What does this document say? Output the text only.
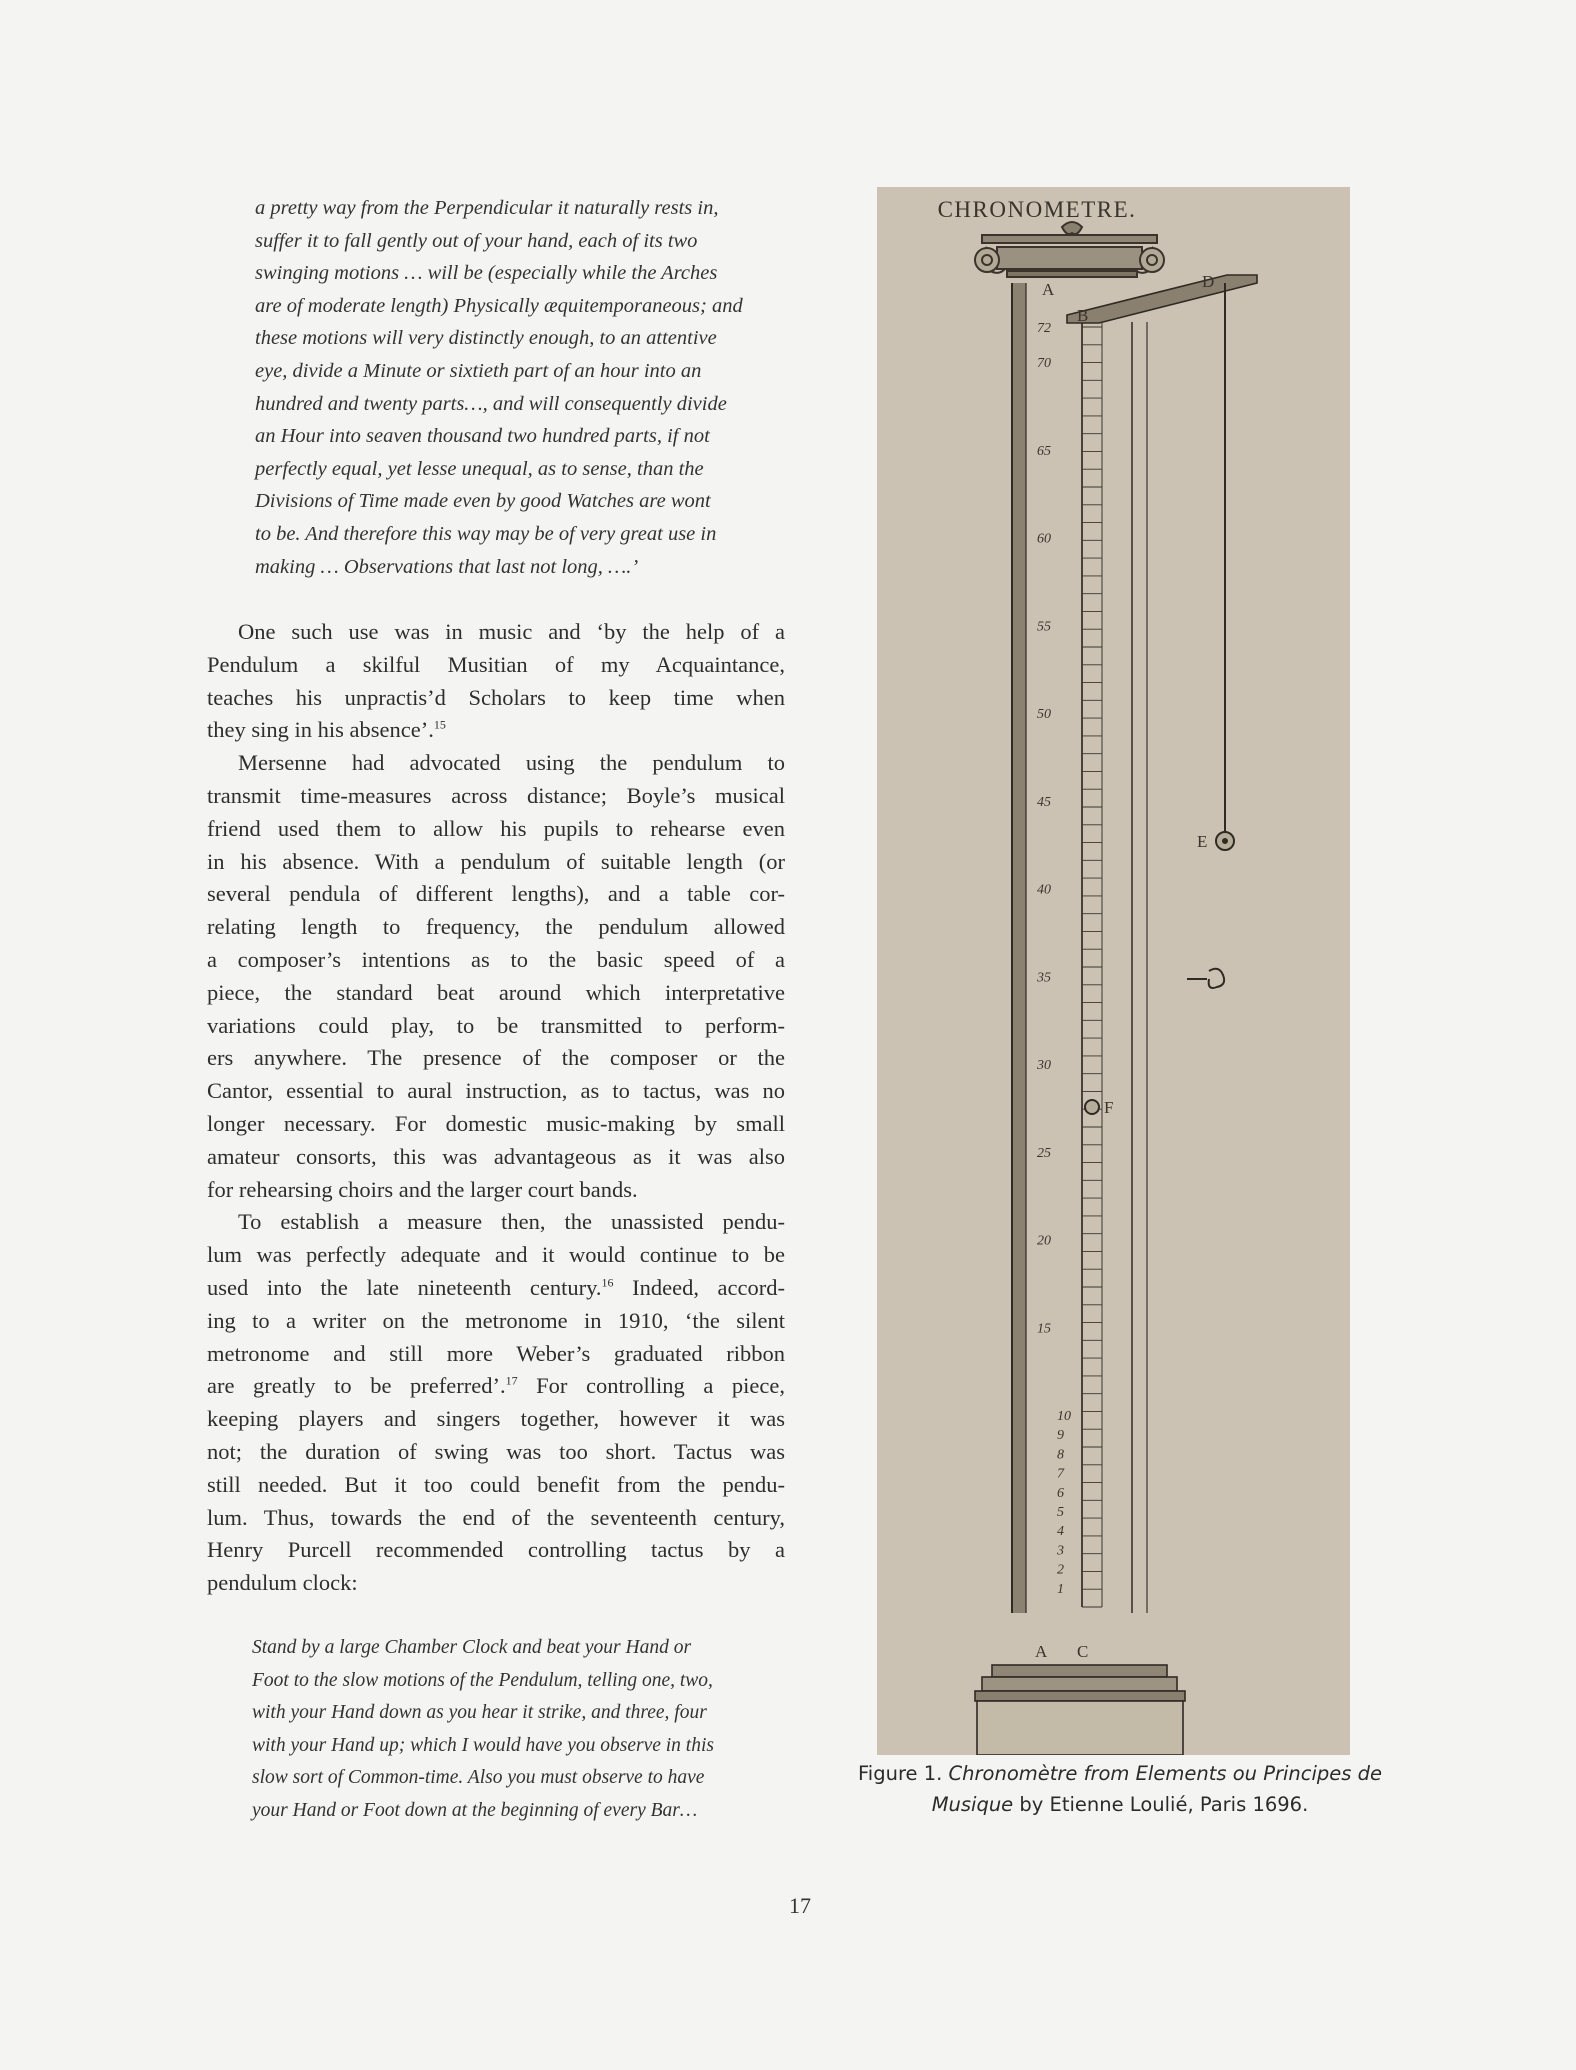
a pretty way from the Perpendicular it naturally rests in,
suffer it to fall gently out of your hand, each of its two
swinging motions … will be (especially while the Arches
are of moderate length) Physically æquitemporaneous; and
these motions will very distinctly enough, to an attentive
eye, divide a Minute or sixtieth part of an hour into an
hundred and twenty parts…, and will consequently divide
an Hour into seaven thousand two hundred parts, if not
perfectly equal, yet lesse unequal, as to sense, than the
Divisions of Time made even by good Watches are wont
to be. And therefore this way may be of very great use in
making … Observations that last not long, ….’
One such use was in music and ‘by the help of a
Pendulum a skilful Musitian of my Acquaintance,
teaches his unpractis’d Scholars to keep time when
they sing in his absence’.$^{15}$
Mersenne had advocated using the pendulum to
transmit time-measures across distance; Boyle’s musical
friend used them to allow his pupils to rehearse even
in his absence. With a pendulum of suitable length (or
several pendula of different lengths), and a table cor-
relating length to frequency, the pendulum allowed
a composer’s intentions as to the basic speed of a
piece, the standard beat around which interpretative
variations could play, to be transmitted to perform-
ers anywhere. The presence of the composer or the
Cantor, essential to aural instruction, as to tactus, was no
longer necessary. For domestic music-making by small
amateur consorts, this was advantageous as it was also
for rehearsing choirs and the larger court bands.
To establish a measure then, the unassisted pendu-
lum was perfectly adequate and it would continue to be
used into the late nineteenth century.$^{16}$ Indeed, accord-
ing to a writer on the metronome in 1910, ‘the silent
metronome and still more Weber’s graduated ribbon
are greatly to be preferred’.$^{17}$ For controlling a piece,
keeping players and singers together, however it was
not; the duration of swing was too short. Tactus was
still needed. But it too could benefit from the pendu-
lum. Thus, towards the end of the seventeenth century,
Henry Purcell recommended controlling tactus by a
pendulum clock:
Stand by a large Chamber Clock and beat your Hand or
Foot to the slow motions of the Pendulum, telling one, two,
with your Hand down as you hear it strike, and three, four
with your Hand up; which I would have you observe in this
slow sort of Common-time. Also you must observe to have
your Hand or Foot down at the beginning of every Bar…
CHRONOMETRE.
A
B
D
E
F
A C
72
70
65
60
55
50
45
40
35
30
25
20
15
10
9
8
7
6
5
4
3
2
1
Figure 1. Chronomètre from Elements ou Principes de Musique by Etienne Loulié, Paris 1696.
17
